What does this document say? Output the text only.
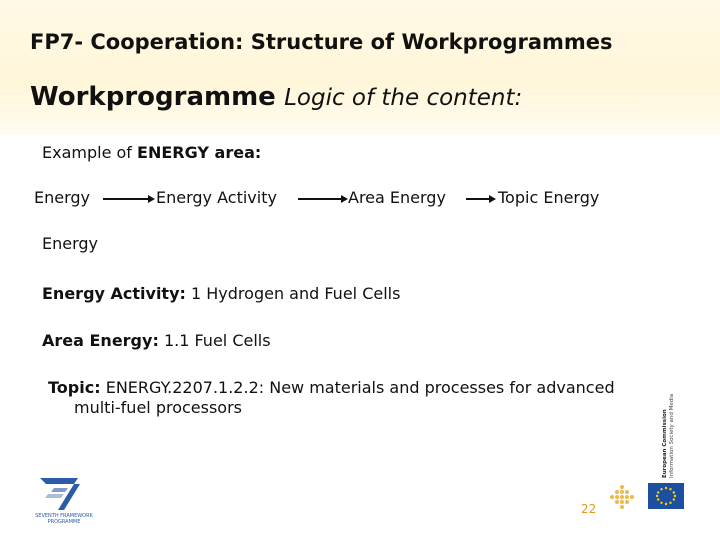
FP7- Cooperation: Structure of Workprogrammes
Workprogramme Logic of the content:
Example of ENERGY area:
Energy	Energy Activity	Area Energy	Topic Energy
Energy
Energy Activity: 1 Hydrogen and Fuel Cells
Area Energy: 1.1 Fuel Cells
Topic: ENERGY.2207.1.2.2: New materials and processes for advanced
multi-fuel processors
European Commission Information Society and Media
SEVENTH FRAMEWORK
PROGRAMME
22
